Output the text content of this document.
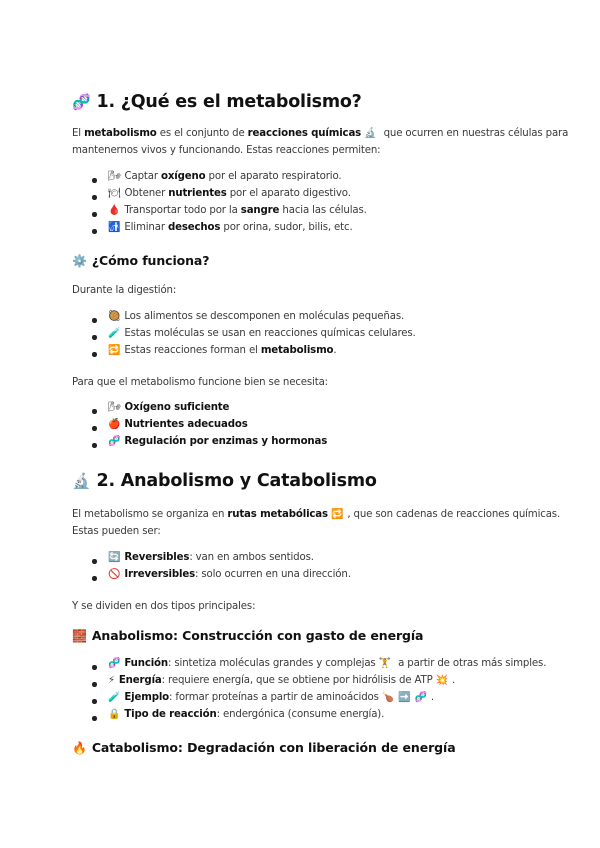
🧬 1. ¿Qué es el metabolismo?
El metabolismo es el conjunto de reacciones químicas 🔬 que ocurren en nuestras células para
mantenernos vivos y funcionando. Estas reacciones permiten:
🌬 Captar oxígeno por el aparato respiratorio.
🍽 Obtener nutrientes por el aparato digestivo.
🩸 Transportar todo por la sangre hacia las células.
🚮 Eliminar desechos por orina, sudor, bilis, etc.
⚙️ ¿Cómo funciona?
Durante la digestión:
🥘 Los alimentos se descomponen en moléculas pequeñas.
🧪 Estas moléculas se usan en reacciones químicas celulares.
🔁 Estas reacciones forman el metabolismo.
Para que el metabolismo funcione bien se necesita:
🌬 Oxígeno suficiente
🍎 Nutrientes adecuados
🧬 Regulación por enzimas y hormonas
🔬 2. Anabolismo y Catabolismo
El metabolismo se organiza en rutas metabólicas 🔁 , que son cadenas de reacciones químicas.
Estas pueden ser:
🔄 Reversibles: van en ambos sentidos.
🚫 Irreversibles: solo ocurren en una dirección.
Y se dividen en dos tipos principales:
🧱 Anabolismo: Construcción con gasto de energía
🧬 Función: sintetiza moléculas grandes y complejas 🏋 a partir de otras más simples.
⚡ Energía: requiere energía, que se obtiene por hidrólisis de ATP 💥 .
🧪 Ejemplo: formar proteínas a partir de aminoácidos 🍗 ➡️ 🧬 .
🔒 Tipo de reacción: endergónica (consume energía).
🔥 Catabolismo: Degradación con liberación de energía
